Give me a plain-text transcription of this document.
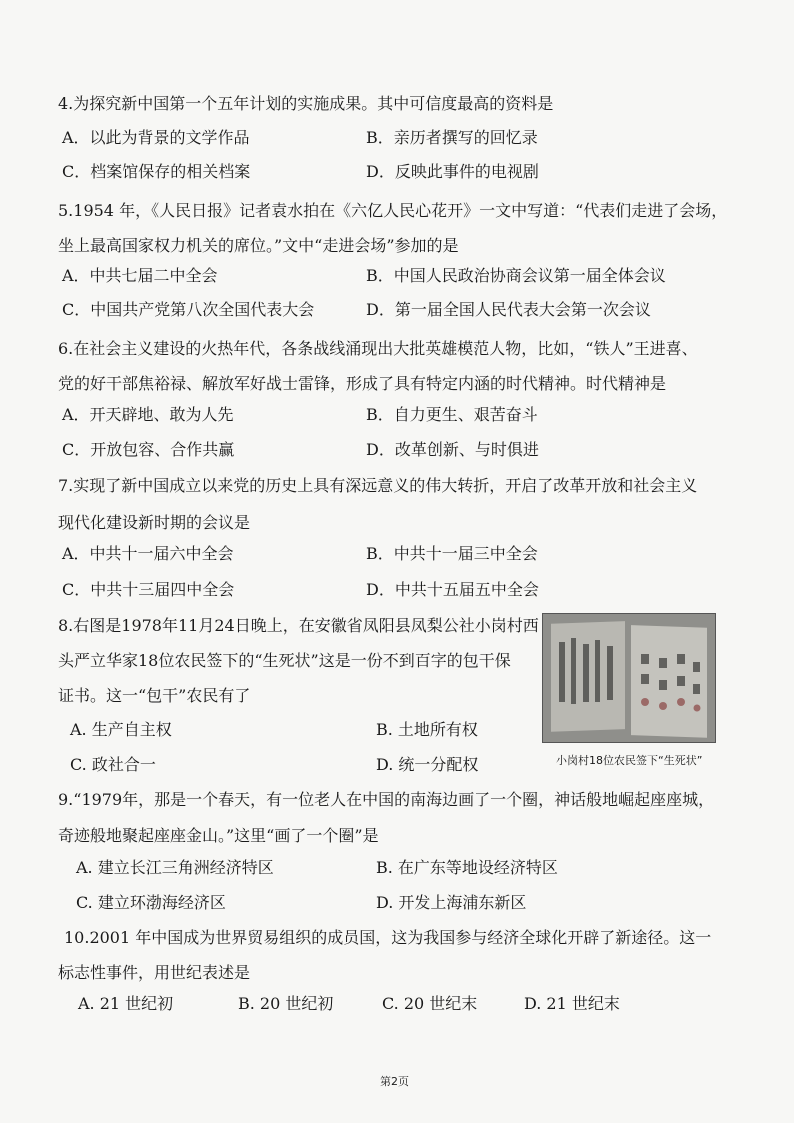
4.为探究新中国第一个五年计划的实施成果。其中可信度最高的资料是
A．以此为背景的文学作品	B．亲历者撰写的回忆录
C．档案馆保存的相关档案	D．反映此事件的电视剧
5.1954 年，《人民日报》记者袁水拍在《六亿人民心花开》一文中写道：“代表们走进了会场，
坐上最高国家权力机关的席位。”文中“走进会场”参加的是
A．中共七届二中全会	B．中国人民政治协商会议第一届全体会议
C．中国共产党第八次全国代表大会	D．第一届全国人民代表大会第一次会议
6.在社会主义建设的火热年代，各条战线涌现出大批英雄模范人物，比如，“铁人”王进喜、
党的好干部焦裕禄、解放军好战士雷锋，形成了具有特定内涵的时代精神。时代精神是
A．开天辟地、敢为人先	B．自力更生、艰苦奋斗
C．开放包容、合作共赢	D．改革创新、与时俱进
7.实现了新中国成立以来党的历史上具有深远意义的伟大转折，开启了改革开放和社会主义
现代化建设新时期的会议是
A．中共十一届六中全会	B．中共十一届三中全会
C．中共十三届四中全会	D．中共十五届五中全会
8.右图是1978年11月24日晚上，在安徽省凤阳县凤梨公社小岗村西
头严立华家18位农民签下的“生死状”这是一份不到百字的包干保
证书。这一“包干”农民有了
A. 生产自主权	B. 土地所有权
C. 政社合一	D. 统一分配权	小岗村18位农民签下“生死状”
9.“1979年，那是一个春天，有一位老人在中国的南海边画了一个圈，神话般地崛起座座城，
奇迹般地聚起座座金山。”这里“画了一个圈”是
A. 建立长江三角洲经济特区	B. 在广东等地设经济特区
C. 建立环渤海经济区	D. 开发上海浦东新区
10.2001 年中国成为世界贸易组织的成员国，这为我国参与经济全球化开辟了新途径。这一
标志性事件，用世纪表述是
A. 21 世纪初	B. 20 世纪初	C. 20 世纪末	D. 21 世纪末
第2页
